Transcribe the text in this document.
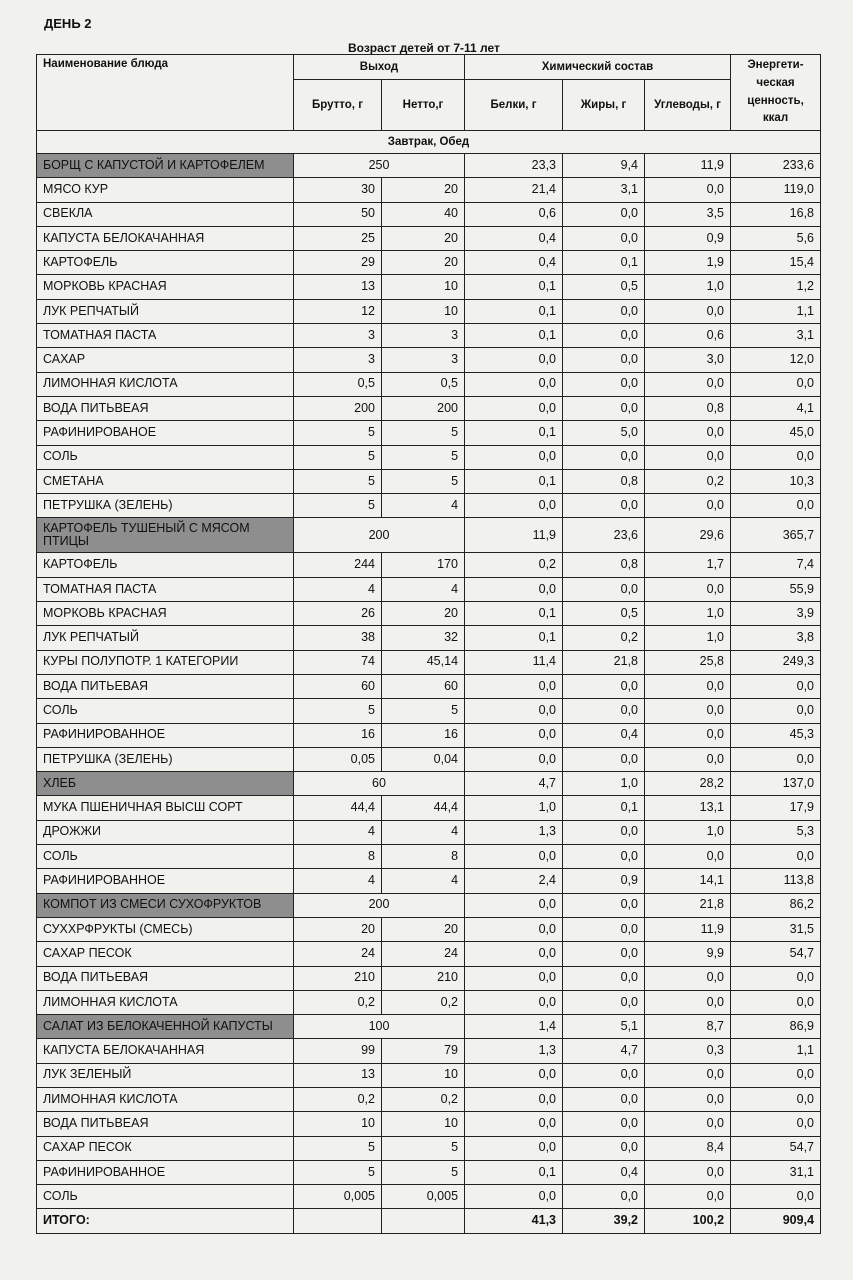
ДЕНЬ 2
Возраст детей от 7-11 лет
Наименование блюда	Выход		Химический состав			Энергети-ческая ценность, ккал
	Брутто, г	Нетто,г	Белки, г	Жиры, г	Углеводы, г	
Завтрак, Обед						
БОРЩ С КАПУСТОЙ И КАРТОФЕЛЕМ	250		23,3	9,4	11,9	233,6
МЯСО КУР	30	20	21,4	3,1	0,0	119,0
СВЕКЛА	50	40	0,6	0,0	3,5	16,8
КАПУСТА БЕЛОКАЧАННАЯ	25	20	0,4	0,0	0,9	5,6
КАРТОФЕЛЬ	29	20	0,4	0,1	1,9	15,4
МОРКОВЬ КРАСНАЯ	13	10	0,1	0,5	1,0	1,2
ЛУК РЕПЧАТЫЙ	12	10	0,1	0,0	0,0	1,1
ТОМАТНАЯ ПАСТА	3	3	0,1	0,0	0,6	3,1
САХАР	3	3	0,0	0,0	3,0	12,0
ЛИМОННАЯ КИСЛОТА	0,5	0,5	0,0	0,0	0,0	0,0
ВОДА ПИТЬВЕАЯ	200	200	0,0	0,0	0,8	4,1
РАФИНИРОВАНОЕ	5	5	0,1	5,0	0,0	45,0
СОЛЬ	5	5	0,0	0,0	0,0	0,0
СМЕТАНА	5	5	0,1	0,8	0,2	10,3
ПЕТРУШКА (ЗЕЛЕНЬ)	5	4	0,0	0,0	0,0	0,0
КАРТОФЕЛЬ ТУШЕНЫЙ С МЯСОМ ПТИЦЫ	200		11,9	23,6	29,6	365,7
КАРТОФЕЛЬ	244	170	0,2	0,8	1,7	7,4
ТОМАТНАЯ ПАСТА	4	4	0,0	0,0	0,0	55,9
МОРКОВЬ КРАСНАЯ	26	20	0,1	0,5	1,0	3,9
ЛУК РЕПЧАТЫЙ	38	32	0,1	0,2	1,0	3,8
КУРЫ ПОЛУПОТР. 1 КАТЕГОРИИ	74	45,14	11,4	21,8	25,8	249,3
ВОДА ПИТЬЕВАЯ	60	60	0,0	0,0	0,0	0,0
СОЛЬ	5	5	0,0	0,0	0,0	0,0
РАФИНИРОВАННОЕ	16	16	0,0	0,4	0,0	45,3
ПЕТРУШКА (ЗЕЛЕНЬ)	0,05	0,04	0,0	0,0	0,0	0,0
ХЛЕБ	60		4,7	1,0	28,2	137,0
МУКА ПШЕНИЧНАЯ ВЫСШ СОРТ	44,4	44,4	1,0	0,1	13,1	17,9
ДРОЖЖИ	4	4	1,3	0,0	1,0	5,3
СОЛЬ	8	8	0,0	0,0	0,0	0,0
РАФИНИРОВАННОЕ	4	4	2,4	0,9	14,1	113,8
КОМПОТ ИЗ СМЕСИ СУХОФРУКТОВ	200		0,0	0,0	21,8	86,2
СУХХРФРУКТЫ (СМЕСЬ)	20	20	0,0	0,0	11,9	31,5
САХАР ПЕСОК	24	24	0,0	0,0	9,9	54,7
ВОДА ПИТЬЕВАЯ	210	210	0,0	0,0	0,0	0,0
ЛИМОННАЯ КИСЛОТА	0,2	0,2	0,0	0,0	0,0	0,0
САЛАТ ИЗ БЕЛОКАЧЕННОЙ КАПУСТЫ	100		1,4	5,1	8,7	86,9
КАПУСТА БЕЛОКАЧАННАЯ	99	79	1,3	4,7	0,3	1,1
ЛУК ЗЕЛЕНЫЙ	13	10	0,0	0,0	0,0	0,0
ЛИМОННАЯ КИСЛОТА	0,2	0,2	0,0	0,0	0,0	0,0
ВОДА ПИТЬВЕАЯ	10	10	0,0	0,0	0,0	0,0
САХАР ПЕСОК	5	5	0,0	0,0	8,4	54,7
РАФИНИРОВАННОЕ	5	5	0,1	0,4	0,0	31,1
СОЛЬ	0,005	0,005	0,0	0,0	0,0	0,0
ИТОГО:			41,3	39,2	100,2	909,4
